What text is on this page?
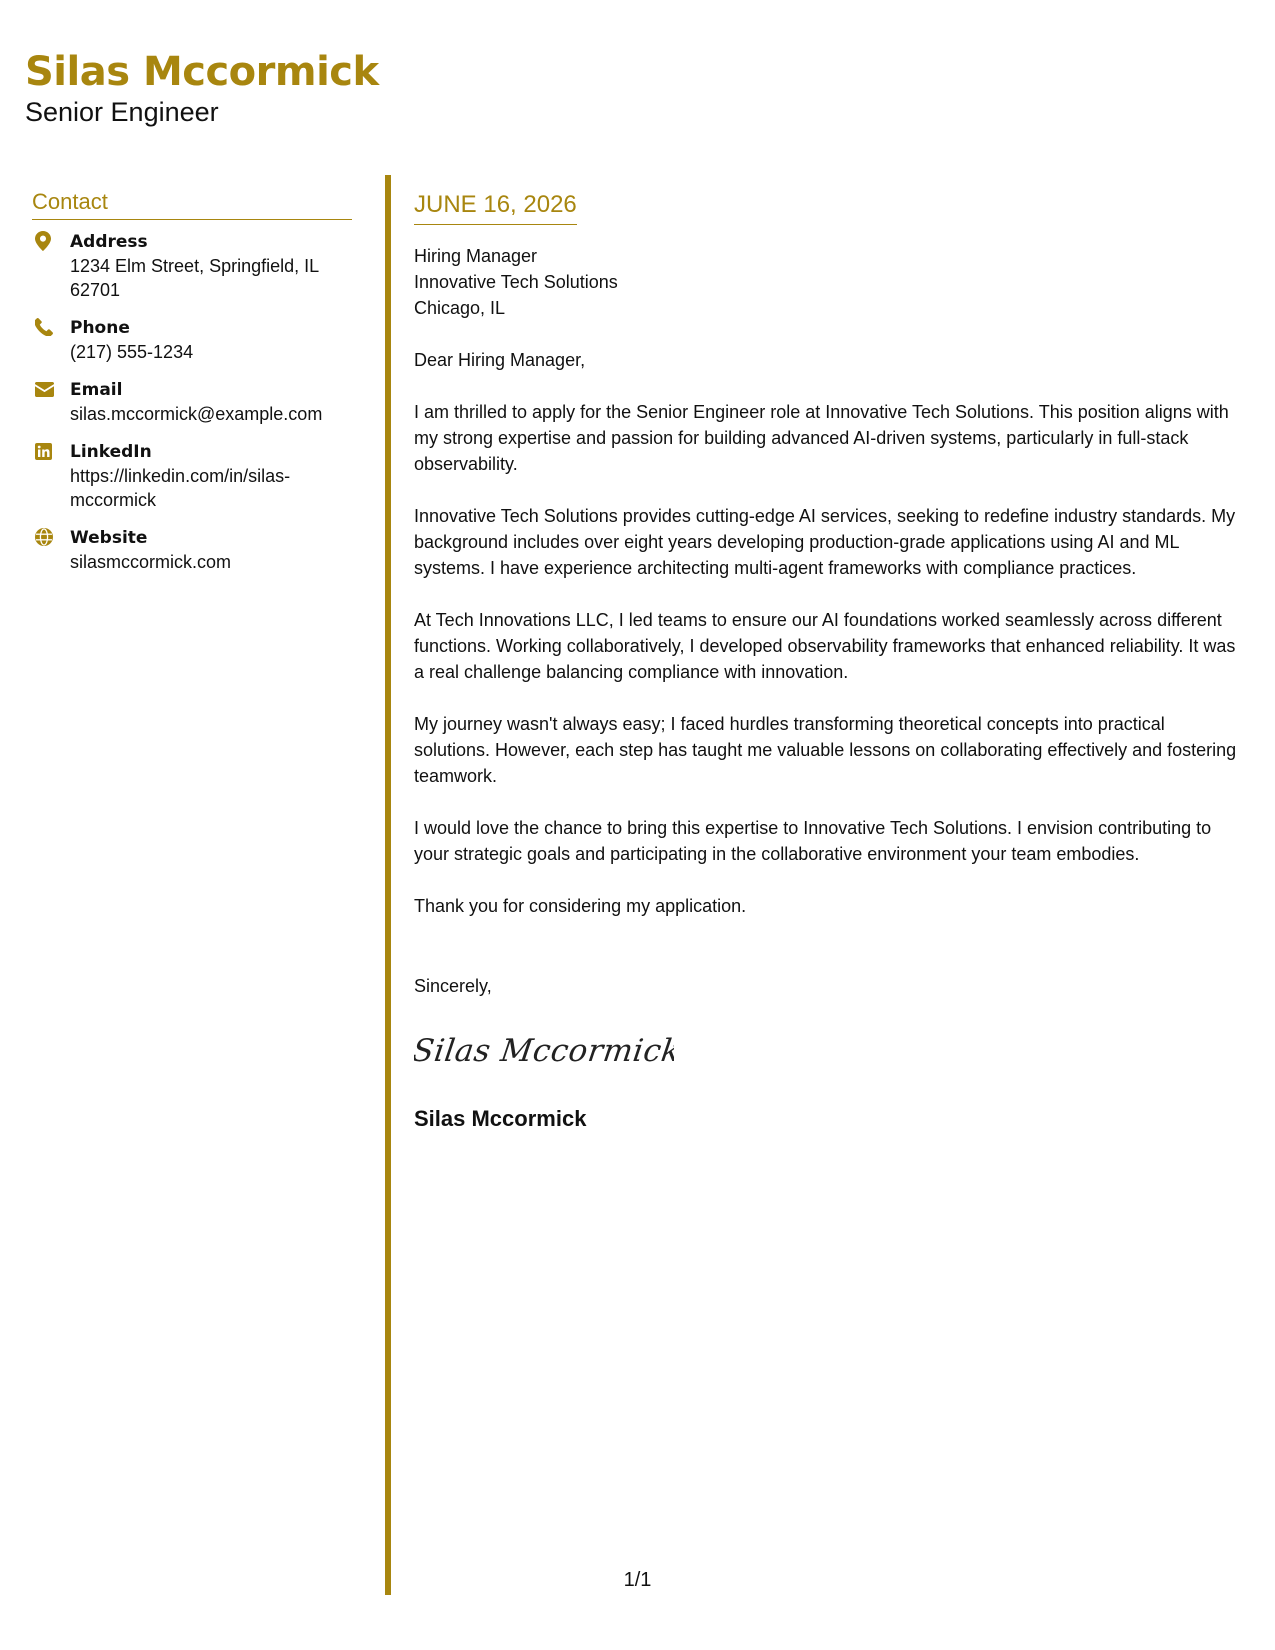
Silas Mccormick
Senior Engineer
Contact
Address
1234 Elm Street, Springfield, IL 62701
Phone
(217) 555-1234
Email
silas.mccormick@example.com
LinkedIn
https://linkedin.com/in/silas-mccormick
Website
silasmccormick.com
JUNE 16, 2026
Hiring Manager
Innovative Tech Solutions
Chicago, IL
Dear Hiring Manager,
I am thrilled to apply for the Senior Engineer role at Innovative Tech Solutions. This position aligns with my strong expertise and passion for building advanced AI-driven systems, particularly in full-stack observability.
Innovative Tech Solutions provides cutting-edge AI services, seeking to redefine industry standards. My background includes over eight years developing production-grade applications using AI and ML systems. I have experience architecting multi-agent frameworks with compliance practices.
At Tech Innovations LLC, I led teams to ensure our AI foundations worked seamlessly across different functions. Working collaboratively, I developed observability frameworks that enhanced reliability. It was a real challenge balancing compliance with innovation.
My journey wasn't always easy; I faced hurdles transforming theoretical concepts into practical solutions. However, each step has taught me valuable lessons on collaborating effectively and fostering teamwork.
I would love the chance to bring this expertise to Innovative Tech Solutions. I envision contributing to your strategic goals and participating in the collaborative environment your team embodies.
Thank you for considering my application.
Sincerely,
Silas Mccormick
Silas Mccormick
1/1
